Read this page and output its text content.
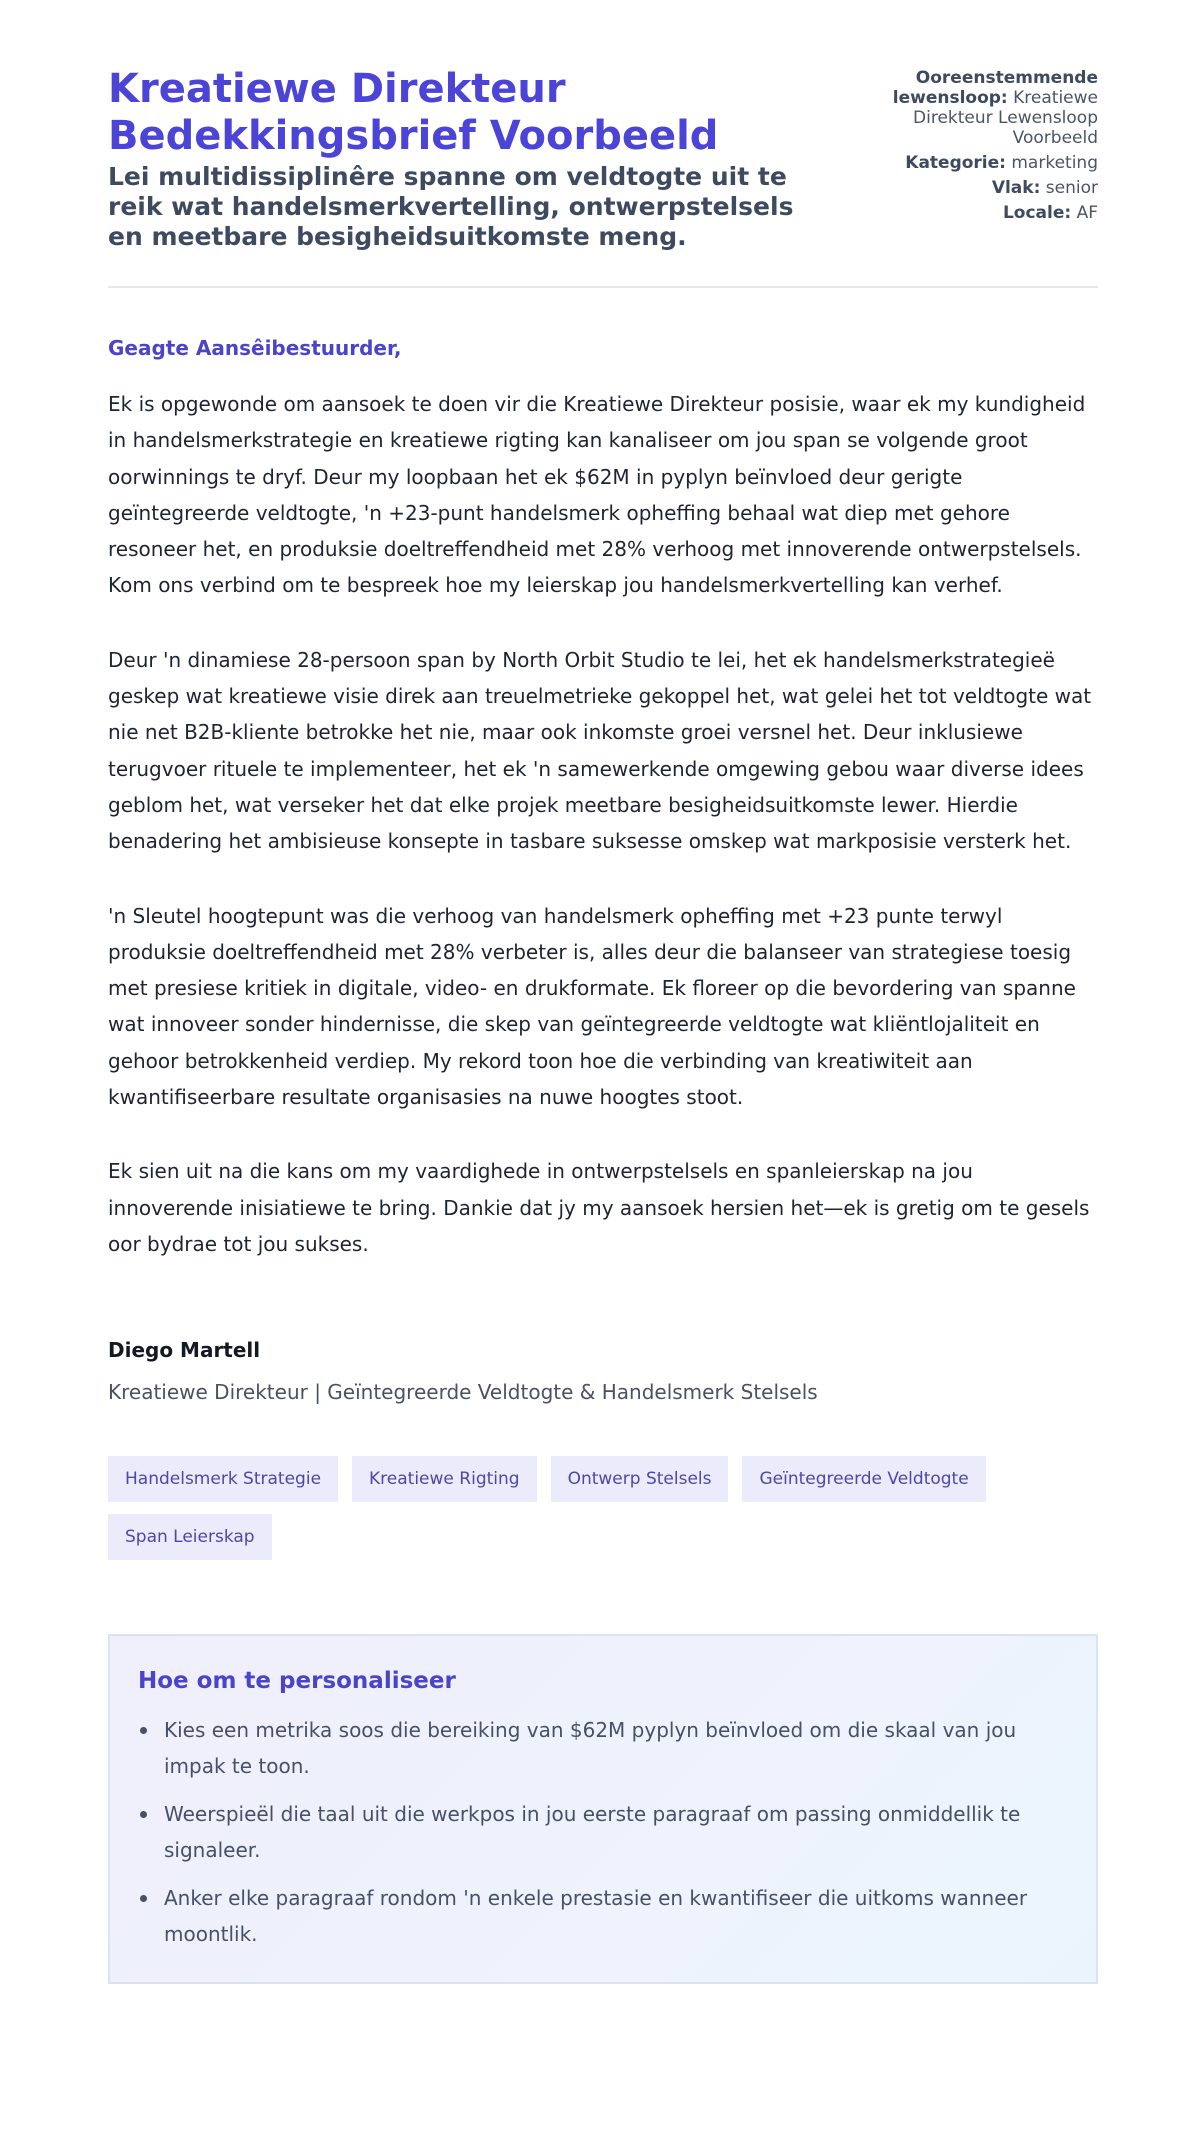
Kreatiewe Direkteur
Bedekkingsbrief Voorbeeld
Lei multidissiplinêre spanne om veldtogte uit te reik wat handelsmerkvertelling, ontwerpstelsels en meetbare besigheidsuitkomste meng.
Ooreenstemmende lewensloop: Kreatiewe Direkteur Lewensloop Voorbeeld
Kategorie: marketing
Vlak: senior
Locale: AF
Geagte Aansêibestuurder,

Ek is opgewonde om aansoek te doen vir die Kreatiewe Direkteur posisie, waar ek my kundigheid in handelsmerkstrategie en kreatiewe rigting kan kanaliseer om jou span se volgende groot oorwinnings te dryf. Deur my loopbaan het ek $62M in pyplyn beïnvloed deur gerigte geïntegreerde veldtogte, 'n +23-punt handelsmerk opheffing behaal wat diep met gehore resoneer het, en produksie doeltreffendheid met 28% verhoog met innoverende ontwerpstelsels. Kom ons verbind om te bespreek hoe my leierskap jou handelsmerkvertelling kan verhef.

Deur 'n dinamiese 28-persoon span by North Orbit Studio te lei, het ek handelsmerkstrategieë geskep wat kreatiewe visie direk aan treuelmetrieke gekoppel het, wat gelei het tot veldtogte wat nie net B2B-kliente betrokke het nie, maar ook inkomste groei versnel het. Deur inklusiewe terugvoer rituele te implementeer, het ek 'n samewerkende omgewing gebou waar diverse idees geblom het, wat verseker het dat elke projek meetbare besigheidsuitkomste lewer. Hierdie benadering het ambisieuse konsepte in tasbare suksesse omskep wat markposisie versterk het.

'n Sleutel hoogtepunt was die verhoog van handelsmerk opheffing met +23 punte terwyl produksie doeltreffendheid met 28% verbeter is, alles deur die balanseer van strategiese toesig met presiese kritiek in digitale, video- en drukformate. Ek floreer op die bevordering van spanne wat innoveer sonder hindernisse, die skep van geïntegreerde veldtogte wat kliëntlojaliteit en gehoor betrokkenheid verdiep. My rekord toon hoe die verbinding van kreatiwiteit aan kwantifiseerbare resultate organisasies na nuwe hoogtes stoot.

Ek sien uit na die kans om my vaardighede in ontwerpstelsels en spanleierskap na jou innoverende inisiatiewe te bring. Dankie dat jy my aansoek hersien het—ek is gretig om te gesels oor bydrae tot jou sukses.

Diego Martell
Kreatiewe Direkteur | Geïntegreerde Veldtogte & Handelsmerk Stelsels
Handelsmerk Strategie	Kreatiewe Rigting	Ontwerp Stelsels	Geïntegreerde Veldtogte
Span Leierskap
Hoe om te personaliseer
Kies een metrika soos die bereiking van $62M pyplyn beïnvloed om die skaal van jou impak te toon.
Weerspieël die taal uit die werkpos in jou eerste paragraaf om passing onmiddellik te signaleer.
Anker elke paragraaf rondom 'n enkele prestasie en kwantifiseer die uitkoms wanneer moontlik.
